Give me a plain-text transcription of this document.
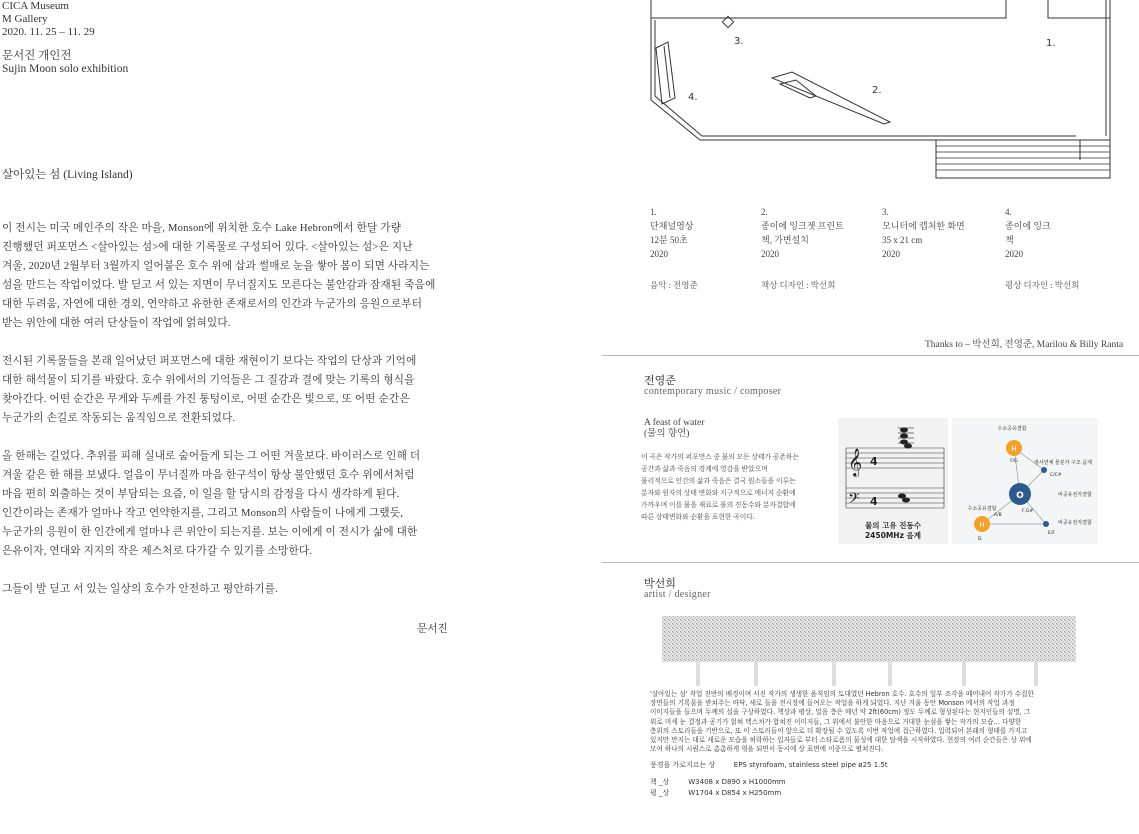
CICA Museum
M Gallery
2020. 11. 25 – 11. 29
문서진 개인전
Sujin Moon solo exhibition
살아있는 섬 (Living Island)
이 전시는 미국 메인주의 작은 마을, Monson에 위치한 호수 Lake Hebron에서 한달 가량
진행했던 퍼포먼스 <살아있는 섬>에 대한 기록물로 구성되어 있다. <살아있는 섬>은 지난
겨울, 2020년 2월부터 3월까지 얼어붙은 호수 위에 삽과 썰매로 눈을 쌓아 봄이 되면 사라지는
섬을 만드는 작업이었다. 발 딛고 서 있는 지면이 무너질지도 모른다는 불안감과 잠재된 죽음에
대한 두려움, 자연에 대한 경외, 연약하고 유한한 존재로서의 인간과 누군가의 응원으로부터
받는 위안에 대한 여러 단상들이 작업에 얽혀있다.
전시된 기록물들을 본래 일어났던 퍼포먼스에 대한 재현이기 보다는 작업의 단상과 기억에
대한 해석물이 되기를 바랐다. 호수 위에서의 기억들은 그 질감과 결에 맞는 기록의 형식을
찾아간다. 어떤 순간은 무게와 두께를 가진 퉁텅이로, 어떤 순간은 빛으로, 또 어떤 순간은
누군가의 손길로 작동되는 움직임으로 전환되었다.
올 한해는 길었다. 추위를 피해 실내로 숨어들게 되는 그 어떤 겨울보다. 바이러스로 인해 더
겨울 같은 한 해를 보냈다. 얼음이 무너질까 마음 한구석이 항상 불안했던 호수 위에서처럼
마음 편히 외출하는 것이 부담되는 요즘, 이 일을 할 당시의 감정을 다시 생각하게 된다.
인간이라는 존재가 얼마나 작고 연약한지를, 그리고 Monson의 사람들이 나에게 그랬듯,
누군가의 응원이 한 인간에게 얼마나 큰 위안이 되는지를. 보는 이에게 이 전시가 삶에 대한
은유이자, 연대와 지지의 작은 제스처로 다가갈 수 있기를 소망한다.
그들이 발 딛고 서 있는 일상의 호수가 안전하고 평안하기를.
문서진
1.
2.
3.
4.
1.
단채널영상
12분 50초
2020
2.
종이에 잉크젯 프린트
책, 가변설치
2020
3.
모니터에 캡처한 화면
35 x 21 cm
2020
4.
종이에 잉크
책
2020
음악 : 전영준	책상 디자인 : 박선희	평상 디자인 : 박선희
Thanks to – 박선희, 전영준, Marilou & Billy Ranta
전영준
contemporary music / composer
A feast of water
(물의 향연)
이 곡은 작가의 퍼포먼스 중 물의 모든 상태가 공존하는
공간과 삶과 죽음의 경계에 영감을 받았으며
물리적으로 인간의 삶과 죽음은 결국 원소들을 이루는
분자와 원자의 상태 변화와 지구적으로 에너지 순환에
가까우며 이를 물을 재료로 물의 진동수와 분자결합에
따른 상태변화와 순환을 표현한 곡이다.
𝄞
𝄢
4
4
물의 고유 진동수
2450MHz 음계
H
H
O
수소공유결합
수소공유결합
정사면체 물분자 구조 음계
비공유전자결합
비공유전자결합
F/G
A/B
C/C#
F,G#
D
E/F
박선희
artist / designer
'살아있는 섬' 작업 전반의 배경이며 서진 작가의 생생한 움직임의 토대였던 Hebron 호수. 호수의 일부 조각을 떼어내어 작가가 수집한
장면들의 기록물을 받쳐주는 바닥, 새로 들을 전시장에 들여오는 작업을 하게 되었다. 지난 겨울 동안 Monson 에서의 작업 과정
이미지들을 들으며 두께의 설을 구상하였다. 책상과 평상, 얼음 층은 매년 약 2ft(60cm) 정도 두께로 형성된다는 현지인들의 설명, 그
위로 미세 눈 결정과 공기가 얽혀 텍스처가 합쳐진 이미지들, 그 위에서 불안한 마음으로 거대한 눈섬을 쌓는 작가의 모습… 다양한
층위의 스토리들을 기반으로, 또 이 스토리들이 앞으로 더 확장될 수 있도록 이번 작업에 접근하였다. 입력되어 본래의 형태를 가지고
있지만 만지는 대로 새로운 모습을 허락하는 입자들로 부터 스타로폼의 물성에 대한 탐색을 시작하였다. 현장의 여러 순간들은 상 위에
모여 하나의 시퀀스로 촘촘하게 엮을 되면서 동시에 상 표면에 이중으로 펼쳐진다.
풍경을 가로지르는 상	EPS styrofoam, stainless steel pipe ø25 1.5t
책 _상	W3408 x D890 x H1000mm
평 _상	W1704 x D854 x H250mm
